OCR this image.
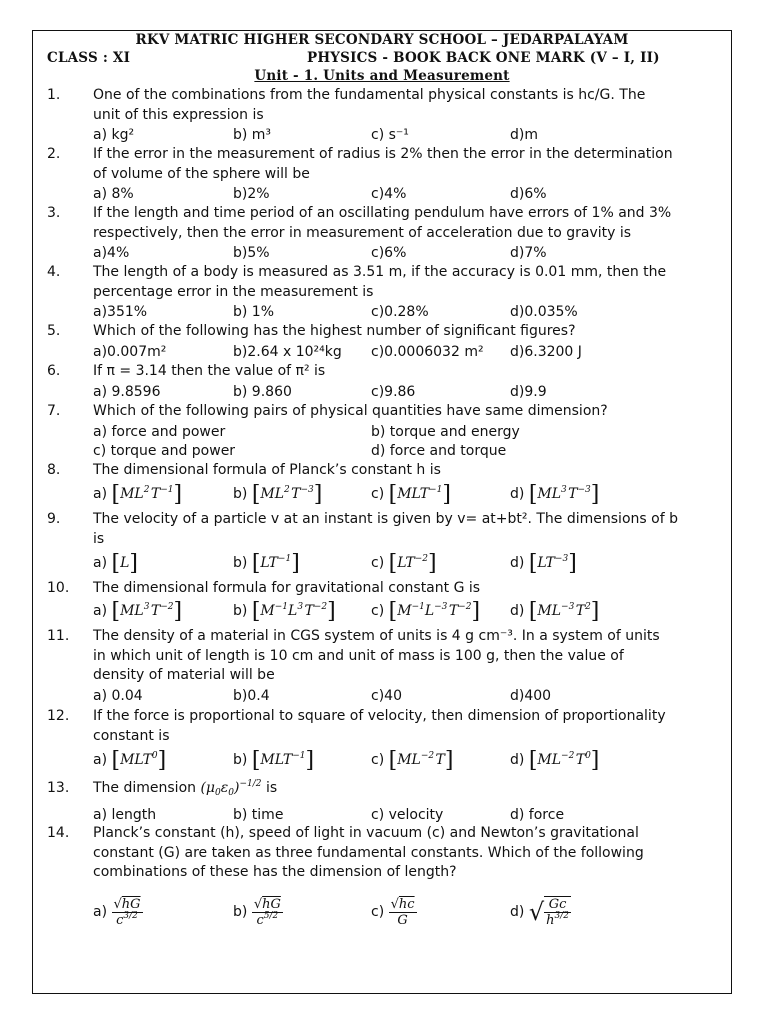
RKV MATRIC HIGHER SECONDARY SCHOOL – JEDARPALAYAM
CLASS : XI	PHYSICS - BOOK BACK ONE MARK (V – I, II)
Unit - 1. Units and Measurement
1. One of the combinations from the fundamental physical constants is hc/G. The
unit of this expression is
a) kg²	b) m³	c) s⁻¹	d)m
2. If the error in the measurement of radius is 2% then the error in the determination
of volume of the sphere will be
a) 8%	b)2%	c)4%	d)6%
3. If the length and time period of an oscillating pendulum have errors of 1% and 3%
respectively, then the error in measurement of acceleration due to gravity is
a)4%	b)5%	c)6%	d)7%
4. The length of a body is measured as 3.51 m, if the accuracy is 0.01 mm, then the
percentage error in the measurement is
a)351%	b) 1%	c)0.28%	d)0.035%
5. Which of the following has the highest number of significant figures?
a)0.007m²	b)2.64 x 10²⁴kg c)0.0006032 m² d)6.3200 J
6. If π = 3.14 then the value of π² is
a) 9.8596	b) 9.860	c)9.86	d)9.9
7. Which of the following pairs of physical quantities have same dimension?
a) force and power	b) torque and energy
c) torque and power	d) force and torque
8. The dimensional formula of Planck’s constant h is
a) [$ML^2$ $T^{-1}$]	b) [$ML^2$ $T^{-3}$]	c) $[MLT^{-1}]$	d) [$ML^3$ $T^{-3}$]
9. The velocity of a particle v at an instant is given by v= at+bt². The dimensions of b
is
a) [L]	b) $[LT^{-1}]$	c) $[LT^{-2}]$	d) $[LT^{-3}]$
10. The dimensional formula for gravitational constant G is
a) [$ML^3$ $T^{-2}$]	b) [$M^{-1}L^3$ $T^{-2}$]	c) [$M^{-1}L^{-3}$ $T^{-2}$] d) [$ML^{-3}$ $T^2$]
11. The density of a material in CGS system of units is 4 g cm⁻³. In a system of units
in which unit of length is 10 cm and unit of mass is 100 g, then the value of
density of material will be
a) 0.04	b)0.4	c)40	d)400
12. If the force is proportional to square of velocity, then dimension of proportionality
constant is
a) [MLT$^0$]	b) $[MLT^{-1}]$	c) [$ML^{-2}$ T]	d) [$ML^{-2}$ $T^0$]
13. The dimension $(\mu_0\varepsilon_0)^{-1/2}$ is
a) length	b) time	c) velocity	d) force
14. Planck’s constant (h), speed of light in vacuum (c) and Newton’s gravitational
constant (G) are taken as three fundamental constants. Which of the following
combinations of these has the dimension of length?
$a) \frac{√hG}{c^{3/2}}$	$b) \frac{√hG}{c^{5/2}}$	$c) \frac{√hc}{G}$	d) √ $\frac{Gc}{h^{3/2}}$
